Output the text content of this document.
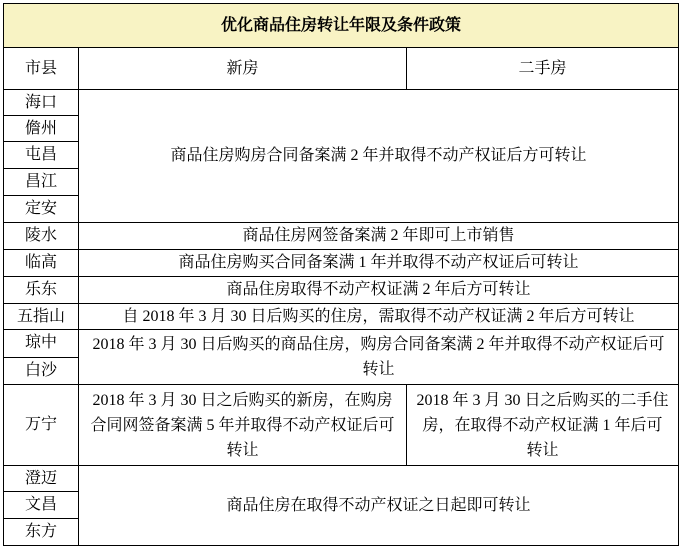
优化商品住房转让年限及条件政策		
市县	新房	二手房
海口	商品住房购房合同备案满 2 年并取得不动产权证后方可转让	
儋州		
屯昌		
昌江		
定安		
陵水	商品住房网签备案满 2 年即可上市销售	
临高	商品住房购买合同备案满 1 年并取得不动产权证后可转让	
乐东	商品住房取得不动产权证满 2 年后方可转让	
五指山	自 2018 年 3 月 30 日后购买的住房，需取得不动产权证满 2 年后方可转让	
琼中	2018 年 3 月 30 日后购买的商品住房，购房合同备案满 2 年并取得不动产权证后可转让	
白沙		
万宁	2018 年 3 月 30 日之后购买的新房，在购房合同网签备案满 5 年并取得不动产权证后可转让	2018 年 3 月 30 日之后购买的二手住房，在取得不动产权证满 1 年后可转让
澄迈	商品住房在取得不动产权证之日起即可转让	
文昌		
东方		
